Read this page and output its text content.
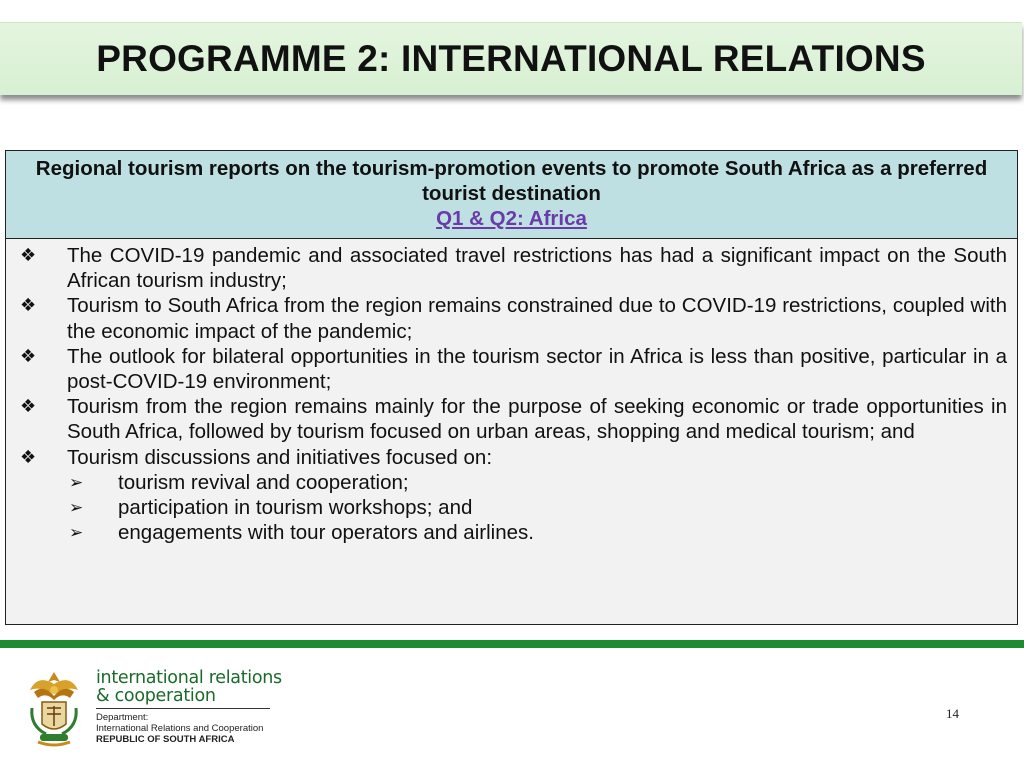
PROGRAMME 2: INTERNATIONAL RELATIONS
Regional tourism reports on the tourism-promotion events to promote South Africa as a preferred tourist destination
Q1 & Q2: Africa
❖ The COVID-19 pandemic and associated travel restrictions has had a significant impact on the South African tourism industry;
❖ Tourism to South Africa from the region remains constrained due to COVID-19 restrictions, coupled with the economic impact of the pandemic;
❖ The outlook for bilateral opportunities in the tourism sector in Africa is less than positive, particular in a post-COVID-19 environment;
❖ Tourism from the region remains mainly for the purpose of seeking economic or trade opportunities in South Africa, followed by tourism focused on urban areas, shopping and medical tourism; and
❖ Tourism discussions and initiatives focused on:
➢ tourism revival and cooperation;
➢ participation in tourism workshops; and
➢ engagements with tour operators and airlines.
international relations
& cooperation
Department:
International Relations and Cooperation
REPUBLIC OF SOUTH AFRICA
14
